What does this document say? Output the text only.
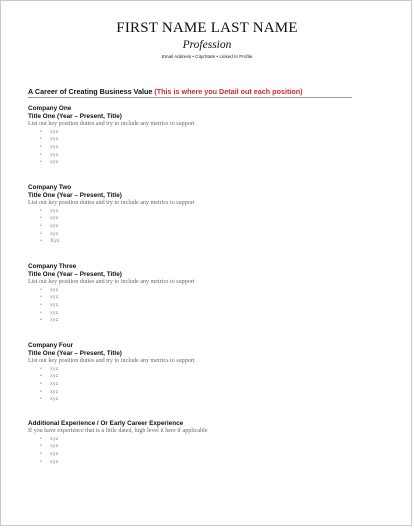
FIRST NAME LAST NAME
Profession
Email Address • City/State • Linked In Profile
A Career of Creating Business Value (This is where you Detail out each position)
Company One
Title One (Year – Present, Title)
List out key position duties and try to include any metrics to support
• xyz
• xyz
• xyz
• xyz
• xyz
Company Two
Title One (Year – Present, Title)
List out key position duties and try to include any metrics to support
• xyz
• xyz
• xyz
• xyz
• Xyz
Company Three
Title One (Year – Present, Title)
List out key position duties and try to include any metrics to support
• xyz
• xyz
• xyz
• xyz
• xyz
Company Four
Title One (Year – Present, Title)
List out key position duties and try to include any metrics to support
• xyz
• xyz
• xyz
• xyz
• xyz
Additional Experience / Or Early Career Experience
If you have experience that is a little dated, high level it here if applicable
• xyz
• xyz
• xyz
• xyz
